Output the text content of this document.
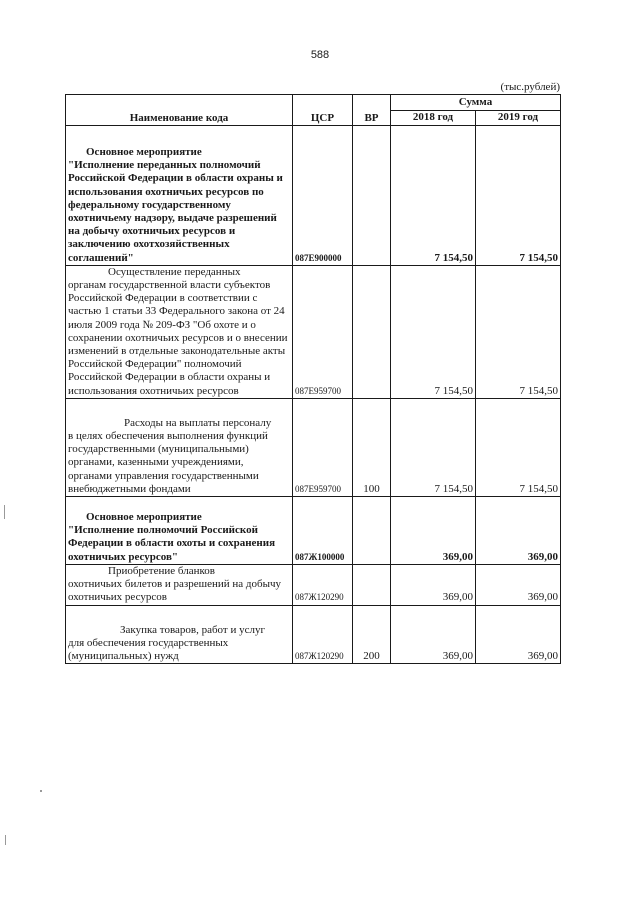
588
(тыс.рублей)
Наименование кода	ЦСР	ВР	Сумма	
			2018 год	2019 год

Основное мероприятие
"Исполнение переданных полномочий Российской Федерации в области охраны и использования охотничьих ресурсов по федеральному государственному охотничьему надзору, выдаче разрешений на добычу охотничьих ресурсов и заключению охотхозяйственных соглашений"	087Е900000		7 154,50	7 154,50

Осуществление переданных
органам государственной власти субъектов Российской Федерации в соответствии с частью 1 статьи 33 Федерального закона от 24 июля 2009 года № 209-ФЗ "Об охоте и о сохранении охотничьих ресурсов и о внесении изменений в отдельные законодательные акты Российской Федерации" полномочий Российской Федерации в области охраны и использования охотничьих ресурсов	087Е959700		7 154,50	7 154,50

Расходы на выплаты персоналу
в целях обеспечения выполнения функций государственными (муниципальными) органами, казенными учреждениями, органами управления государственными внебюджетными фондами	087Е959700	100	7 154,50	7 154,50

Основное мероприятие
"Исполнение полномочий Российской Федерации в области охоты и сохранения охотничьих ресурсов"	087Ж100000		369,00	369,00

Приобретение бланков
охотничьих билетов и разрешений на добычу охотничьих ресурсов	087Ж120290		369,00	369,00

Закупка товаров, работ и услуг
для обеспечения государственных (муниципальных) нужд	087Ж120290	200	369,00	369,00
